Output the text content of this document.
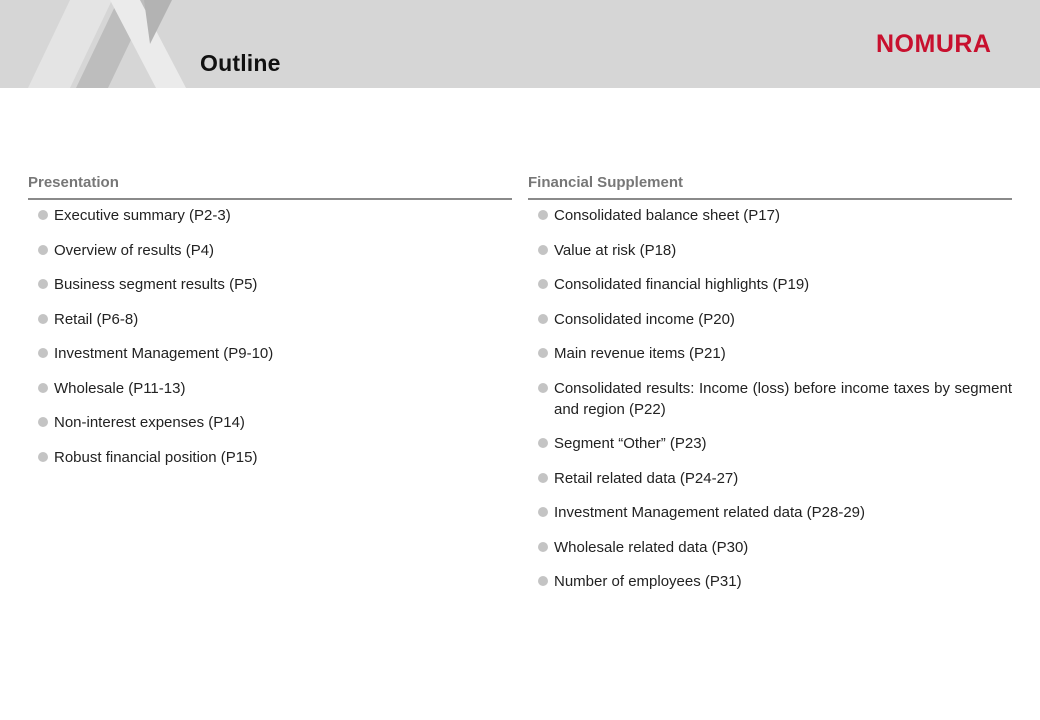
Outline
NOMURA
Presentation
Executive summary (P2-3)
Overview of results (P4)
Business segment results (P5)
Retail (P6-8)
Investment Management (P9-10)
Wholesale (P11-13)
Non-interest expenses (P14)
Robust financial position (P15)
Financial Supplement
Consolidated balance sheet (P17)
Value at risk (P18)
Consolidated financial highlights (P19)
Consolidated income (P20)
Main revenue items (P21)
Consolidated results: Income (loss) before income taxes by segment and region (P22)
Segment “Other” (P23)
Retail related data (P24-27)
Investment Management related data (P28-29)
Wholesale related data (P30)
Number of employees (P31)
